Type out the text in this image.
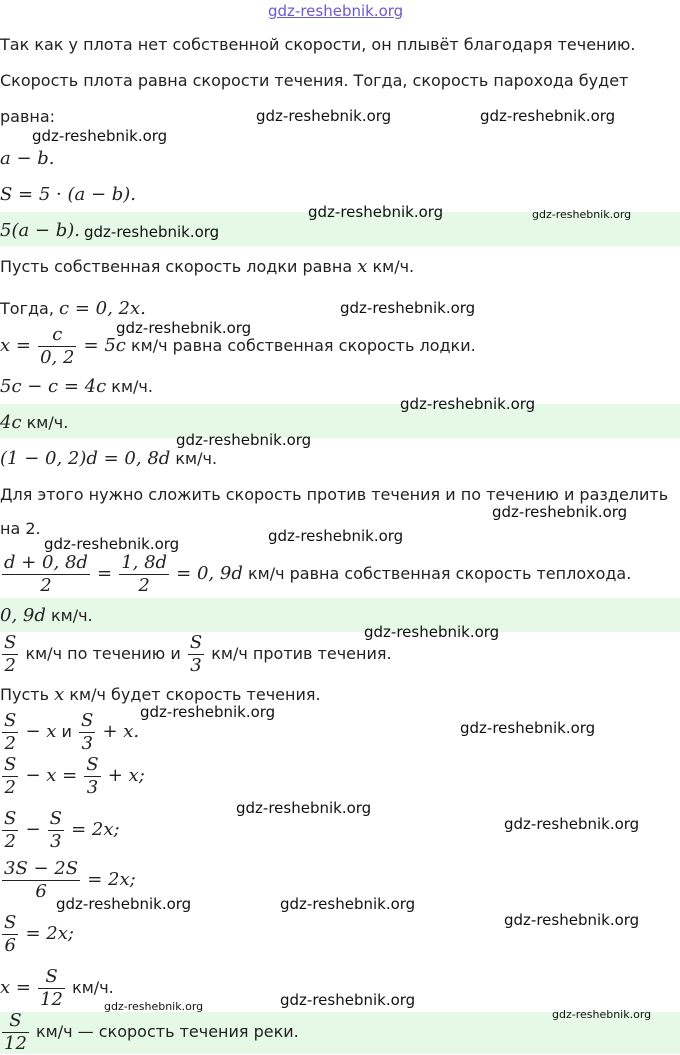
Так как у плота нет собственной скорости, он плывёт благодаря течению.
Скорость плота равна скорости течения. Тогда, скорость парохода будет
равна:
a − b.
S = 5 · (a − b).
5(a − b).
Пусть собственная скорость лодки равна x км/ч.
Тогда, c = 0, 2x.
$x = \frac{c}{0, 2} = 5c$ км/ч равна собственная скорость лодки.
5c − c = 4c км/ч.
4c км/ч.
(1 − 0, 2)d = 0, 8d км/ч.
Для этого нужно сложить скорость против течения и по течению и разделить
на 2.
$\frac{d + 0, 8d}{2} = \frac{1, 8d}{2} = 0$, 9d км/ч равна собственная скорость теплохода.
0, 9d км/ч.
$\frac{S}{2} км/ч$ по течению и $\frac{S}{3} км/ч$ против течения.
Пусть x км/ч будет скорость течения.
$\frac{S}{2} - x$ и $\frac{S}{3} + x$.
$\frac{S}{2} - x = \frac{S}{3} + x$;
$\frac{S}{2} - \frac{S}{3} = 2x$;
$\frac{3S - 2S}{6} = 2x$;
$\frac{S}{6} = 2x$;
$x = \frac{S}{12} км/ч$.
$\frac{S}{12} км/ч$ — скорость течения реки.
gdz-reshebnik.org
gdz-reshebnik.org	gdz-reshebnik.org
gdz-reshebnik.org
gdz-reshebnik.org	gdz-reshebnik.org
gdz-reshebnik.org
gdz-reshebnik.org
gdz-reshebnik.org
gdz-reshebnik.org
gdz-reshebnik.org
gdz-reshebnik.org
gdz-reshebnik.org
gdz-reshebnik.org
gdz-reshebnik.org
gdz-reshebnik.org
gdz-reshebnik.org
gdz-reshebnik.org
gdz-reshebnik.org
gdz-reshebnik.org	gdz-reshebnik.org
gdz-reshebnik.org
gdz-reshebnik.org
gdz-reshebnik.org
gdz-reshebnik.org
